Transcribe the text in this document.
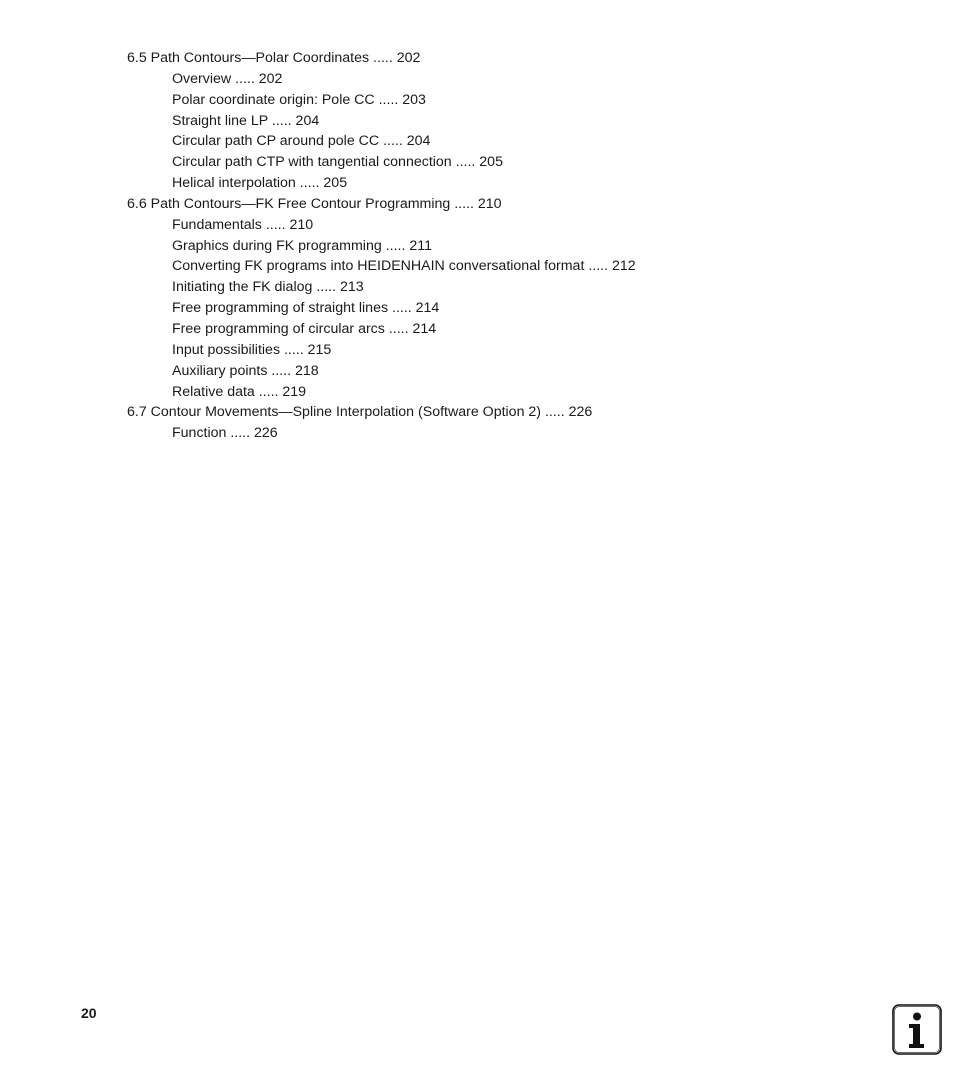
6.5 Path Contours—Polar Coordinates ..... 202
Overview ..... 202
Polar coordinate origin: Pole CC ..... 203
Straight line LP ..... 204
Circular path CP around pole CC ..... 204
Circular path CTP with tangential connection ..... 205
Helical interpolation ..... 205
6.6 Path Contours—FK Free Contour Programming ..... 210
Fundamentals ..... 210
Graphics during FK programming ..... 211
Converting FK programs into HEIDENHAIN conversational format ..... 212
Initiating the FK dialog ..... 213
Free programming of straight lines ..... 214
Free programming of circular arcs ..... 214
Input possibilities ..... 215
Auxiliary points ..... 218
Relative data ..... 219
6.7 Contour Movements—Spline Interpolation (Software Option 2) ..... 226
Function ..... 226
20
